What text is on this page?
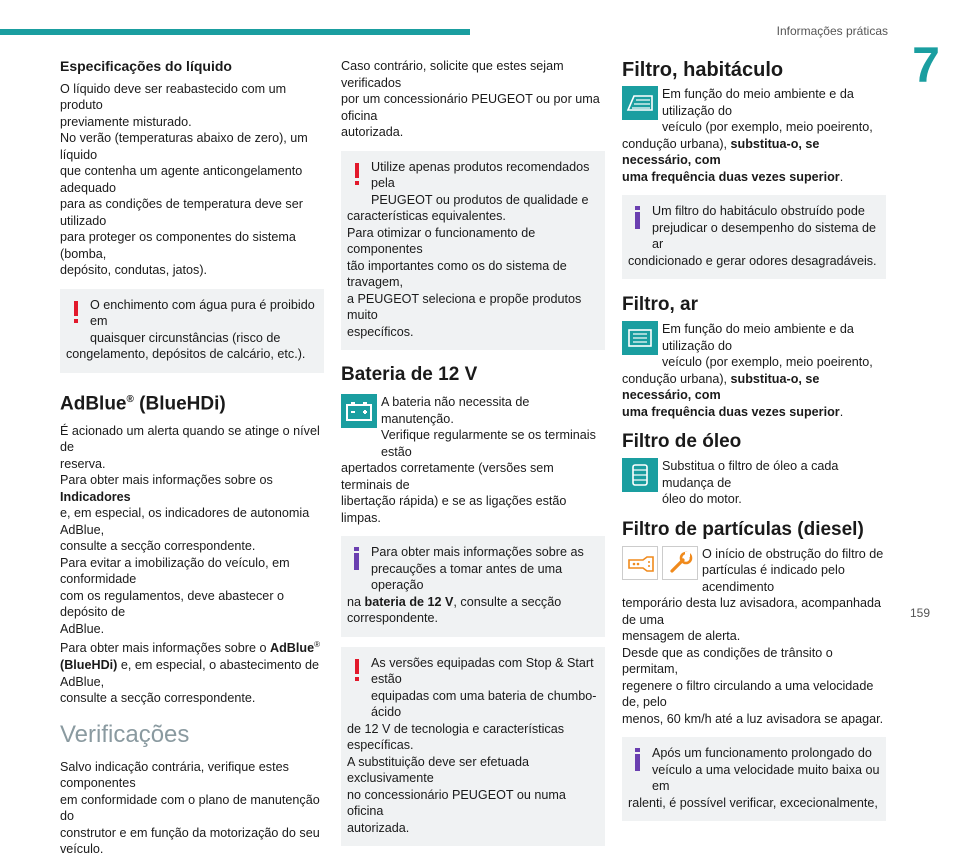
Informações práticas
7
159
Especificações do líquido

O líquido deve ser reabastecido com um produto

previamente misturado.

No verão (temperaturas abaixo de zero), um líquido

que contenha um agente anticongelamento adequado

para as condições de temperatura deve ser utilizado

para proteger os componentes do sistema (bomba,

depósito, condutas, jatos).

O enchimento com água pura é proibido em

quaisquer circunstâncias (risco de

congelamento, depósitos de calcário, etc.).

AdBlue® (BlueHDi)

É acionado um alerta quando se atinge o nível de

reserva.

Para obter mais informações sobre os Indicadores

e, em especial, os indicadores de autonomia AdBlue,

consulte a secção correspondente.

Para evitar a imobilização do veículo, em conformidade

com os regulamentos, deve abastecer o depósito de

AdBlue.

Para obter mais informações sobre o AdBlue®

(BlueHDi) e, em especial, o abastecimento de AdBlue,

consulte a secção correspondente.

Verificações

Salvo indicação contrária, verifique estes componentes

em conformidade com o plano de manutenção do

construtor e em função da motorização do seu veículo.

Caso contrário, solicite que estes sejam verificados

por um concessionário PEUGEOT ou por uma oficina

autorizada.

Utilize apenas produtos recomendados pela

PEUGEOT ou produtos de qualidade e

características equivalentes.

Para otimizar o funcionamento de componentes

tão importantes como os do sistema de travagem,

a PEUGEOT seleciona e propõe produtos muito

específicos.

Bateria de 12 V

A bateria não necessita de manutenção.

Verifique regularmente se os terminais estão

apertados corretamente (versões sem terminais de

libertação rápida) e se as ligações estão limpas.

Para obter mais informações sobre as

precauções a tomar antes de uma operação

na bateria de 12 V, consulte a secção

correspondente.

As versões equipadas com Stop & Start estão

equipadas com uma bateria de chumbo-ácido

de 12 V de tecnologia e características específicas.

A substituição deve ser efetuada exclusivamente

no concessionário PEUGEOT ou numa oficina

autorizada.

Filtro, habitáculo

Em função do meio ambiente e da utilização do

veículo (por exemplo, meio poeirento,

condução urbana), substitua-o, se necessário, com

uma frequência duas vezes superior.

Um filtro do habitáculo obstruído pode

prejudicar o desempenho do sistema de ar

condicionado e gerar odores desagradáveis.

Filtro, ar

Em função do meio ambiente e da utilização do

veículo (por exemplo, meio poeirento,

condução urbana), substitua-o, se necessário, com

uma frequência duas vezes superior.

Filtro de óleo

Substitua o filtro de óleo a cada mudança de

óleo do motor.

Filtro de partículas (diesel)

O início de obstrução do filtro de

partículas é indicado pelo acendimento

temporário desta luz avisadora, acompanhada de uma

mensagem de alerta.

Desde que as condições de trânsito o permitam,

regenere o filtro circulando a uma velocidade de, pelo

menos, 60 km/h até a luz avisadora se apagar.

Após um funcionamento prolongado do

veículo a uma velocidade muito baixa ou em

ralenti, é possível verificar, excecionalmente,
